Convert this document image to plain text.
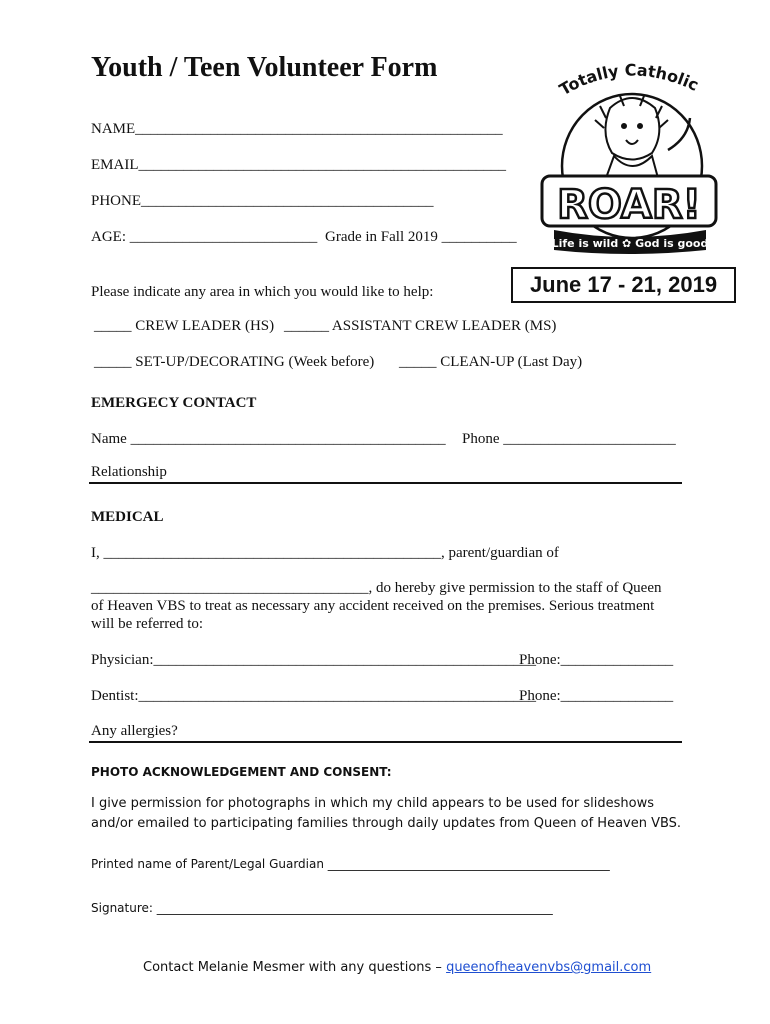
Youth / Teen Volunteer Form
Totally Catholic
ROAR!
Life is wild ✿ God is good
NAME_________________________________________________
EMAIL_________________________________________________
PHONE_______________________________________
AGE: _________________________ Grade in Fall 2019 __________
June 17 - 21, 2019
Please indicate any area in which you would like to help:
_____ CREW LEADER (HS) ______ ASSISTANT CREW LEADER (MS)
_____ SET-UP/DECORATING (Week before) _____ CLEAN-UP (Last Day)
EMERGECY CONTACT
Name __________________________________________ Phone _______________________
Relationship
MEDICAL
I, _____________________________________________, parent/guardian of
_____________________________________, do hereby give permission to the staff of Queen
of Heaven VBS to treat as necessary any accident received on the premises. Serious treatment
will be referred to:
Physician:___________________________________________________
Phone:_______________
Dentist:_____________________________________________________
Phone:_______________
Any allergies?
PHOTO ACKNOWLEDGEMENT AND CONSENT:
I give permission for photographs in which my child appears to be used for slideshows
and/or emailed to participating families through daily updates from Queen of Heaven VBS.
Printed name of Parent/Legal Guardian _______________________________________________
Signature: __________________________________________________________________
Contact Melanie Mesmer with any questions – queenofheavenvbs@gmail.com
